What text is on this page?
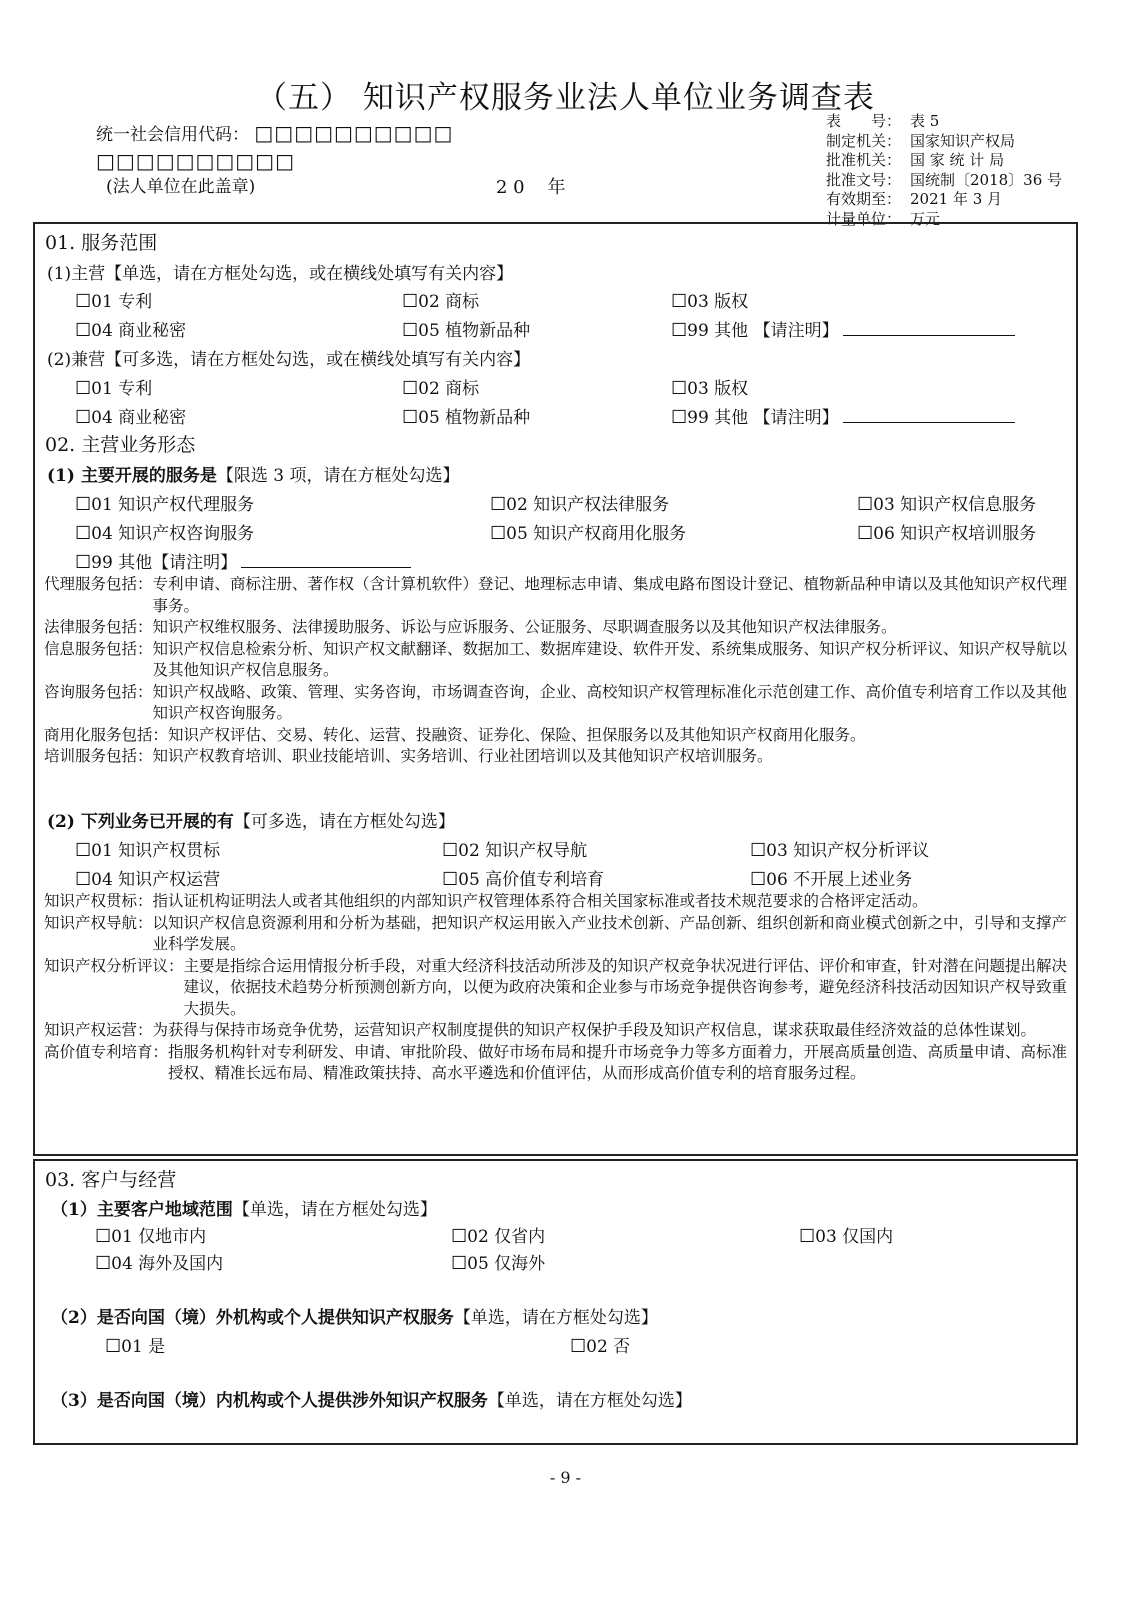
（五） 知识产权服务业法人单位业务调查表
统一社会信用代码： □□□□□□□□□□
□□□□□□□□□□
(法人单位在此盖章)	2 0    年
表　　号： 表 5
制定机关： 国家知识产权局
批准机关： 国 家 统 计 局
批准文号： 国统制〔2018〕36 号
有效期至： 2021 年 3 月
计量单位： 万元
01. 服务范围
(1)主营【单选，请在方框处勾选，或在横线处填写有关内容】
☐01 专利	☐02 商标	☐03 版权
☐04 商业秘密	☐05 植物新品种	☐99 其他 【请注明】
(2)兼营【可多选，请在方框处勾选，或在横线处填写有关内容】
☐01 专利	☐02 商标	☐03 版权
☐04 商业秘密	☐05 植物新品种	☐99 其他 【请注明】
02. 主营业务形态
(1) 主要开展的服务是【限选 3 项，请在方框处勾选】
☐01 知识产权代理服务	☐02 知识产权法律服务	☐03 知识产权信息服务
☐04 知识产权咨询服务	☐05 知识产权商用化服务	☐06 知识产权培训服务
☐99 其他【请注明】
代理服务包括： 专利申请、商标注册、著作权（含计算机软件）登记、地理标志申请、集成电路布图设计登记、植物新品种申请以及其他知识产权代理事务。
法律服务包括： 知识产权维权服务、法律援助服务、诉讼与应诉服务、公证服务、尽职调查服务以及其他知识产权法律服务。
信息服务包括： 知识产权信息检索分析、知识产权文献翻译、数据加工、数据库建设、软件开发、系统集成服务、知识产权分析评议、知识产权导航以及其他知识产权信息服务。
咨询服务包括： 知识产权战略、政策、管理、实务咨询，市场调查咨询，企业、高校知识产权管理标准化示范创建工作、高价值专利培育工作以及其他知识产权咨询服务。
商用化服务包括： 知识产权评估、交易、转化、运营、投融资、证券化、保险、担保服务以及其他知识产权商用化服务。
培训服务包括： 知识产权教育培训、职业技能培训、实务培训、行业社团培训以及其他知识产权培训服务。
(2) 下列业务已开展的有【可多选，请在方框处勾选】
☐01 知识产权贯标	☐02 知识产权导航	☐03 知识产权分析评议
☐04 知识产权运营	☐05 高价值专利培育	☐06 不开展上述业务
知识产权贯标： 指认证机构证明法人或者其他组织的内部知识产权管理体系符合相关国家标准或者技术规范要求的合格评定活动。
知识产权导航： 以知识产权信息资源利用和分析为基础，把知识产权运用嵌入产业技术创新、产品创新、组织创新和商业模式创新之中，引导和支撑产业科学发展。
知识产权分析评议： 主要是指综合运用情报分析手段，对重大经济科技活动所涉及的知识产权竞争状况进行评估、评价和审查，针对潜在问题提出解决建议，依据技术趋势分析预测创新方向，以便为政府决策和企业参与市场竞争提供咨询参考，避免经济科技活动因知识产权导致重大损失。
知识产权运营： 为获得与保持市场竞争优势，运营知识产权制度提供的知识产权保护手段及知识产权信息，谋求获取最佳经济效益的总体性谋划。
高价值专利培育： 指服务机构针对专利研发、申请、审批阶段、做好市场布局和提升市场竞争力等多方面着力，开展高质量创造、高质量申请、高标准授权、精准长远布局、精准政策扶持、高水平遴选和价值评估，从而形成高价值专利的培育服务过程。
03. 客户与经营
（1）主要客户地域范围【单选，请在方框处勾选】
☐01 仅地市内	☐02 仅省内	☐03 仅国内
☐04 海外及国内	☐05 仅海外
（2）是否向国（境）外机构或个人提供知识产权服务【单选，请在方框处勾选】
☐01 是	☐02 否
（3）是否向国（境）内机构或个人提供涉外知识产权服务【单选，请在方框处勾选】
- 9 -
